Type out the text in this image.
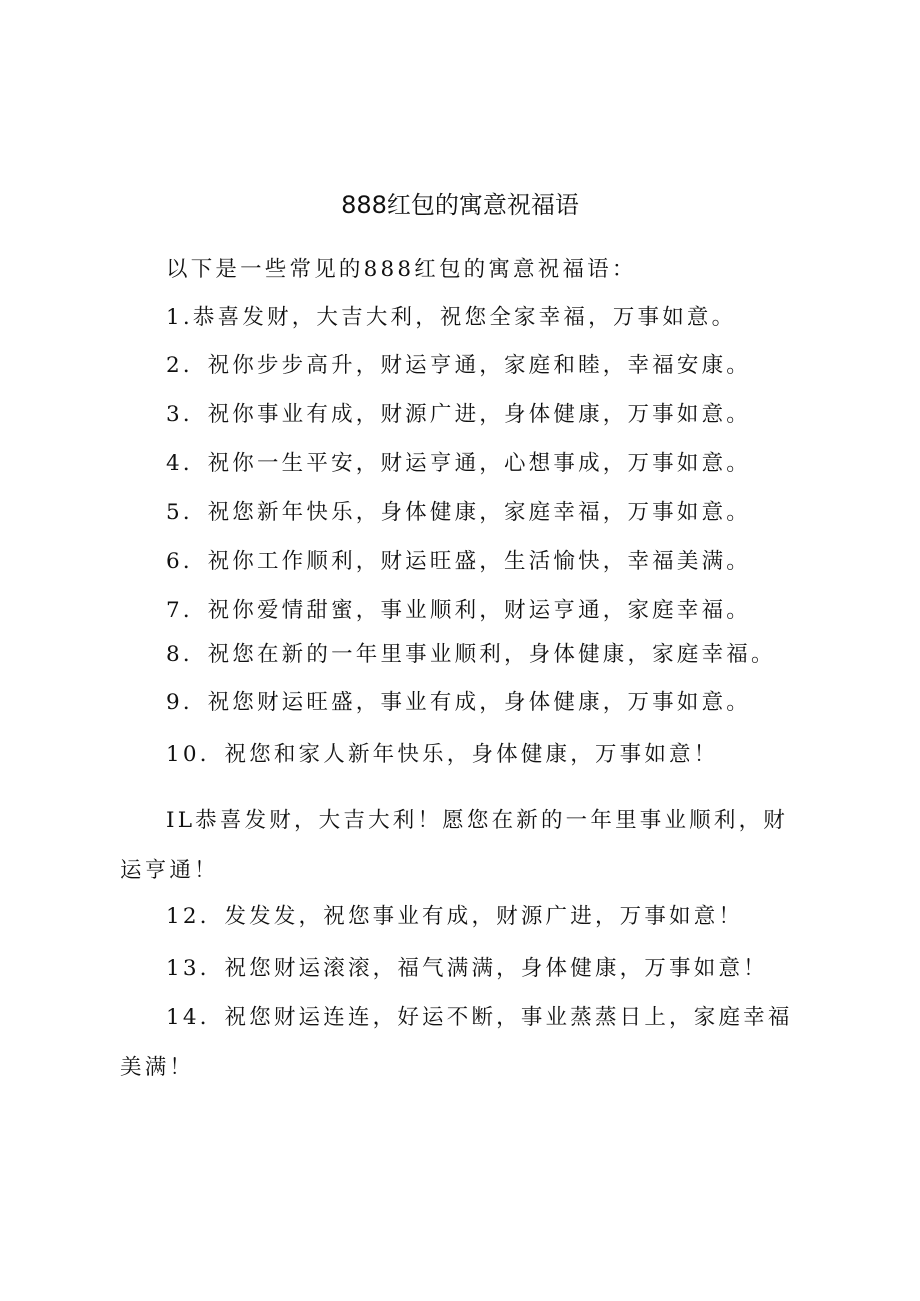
888红包的寓意祝福语

以下是一些常见的888红包的寓意祝福语：

1.恭喜发财，大吉大利，祝您全家幸福，万事如意。

2．祝你步步高升，财运亨通，家庭和睦，幸福安康。

3．祝你事业有成，财源广进，身体健康，万事如意。

4．祝你一生平安，财运亨通，心想事成，万事如意。

5．祝您新年快乐，身体健康，家庭幸福，万事如意。

6．祝你工作顺利，财运旺盛，生活愉快，幸福美满。

7．祝你爱情甜蜜，事业顺利，财运亨通，家庭幸福。

8．祝您在新的一年里事业顺利，身体健康，家庭幸福。

9．祝您财运旺盛，事业有成，身体健康，万事如意。

10．祝您和家人新年快乐，身体健康，万事如意！

IL恭喜发财，大吉大利！愿您在新的一年里事业顺利，财运亨通！

12．发发发，祝您事业有成，财源广进，万事如意！

13．祝您财运滚滚，福气满满，身体健康，万事如意！

14．祝您财运连连，好运不断，事业蒸蒸日上，家庭幸福美满！
